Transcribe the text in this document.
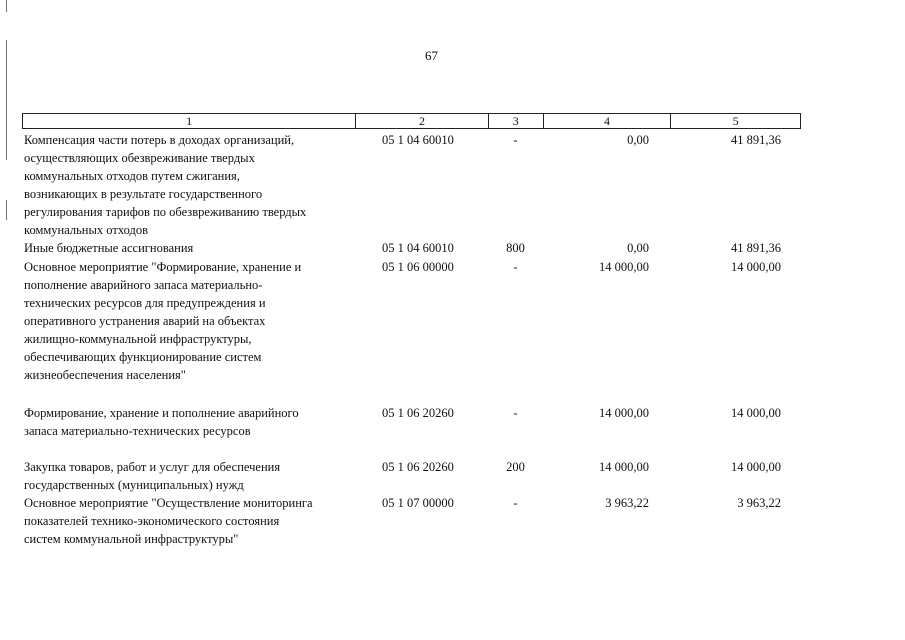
67
1	2	3	4	5
Компенсация части потерь в доходах организаций,
осуществляющих обезвреживание твердых
коммунальных отходов путем сжигания,
возникающих в результате государственного
регулирования тарифов по обезвреживанию твердых
коммунальных отходов
05 1 04 60010	-	0,00	41 891,36
Иные бюджетные ассигнования	05 1 04 60010	800	0,00	41 891,36
Основное мероприятие "Формирование, хранение и
пополнение аварийного запаса материально-
технических ресурсов для предупреждения и
оперативного устранения аварий на объектах
жилищно-коммунальной инфраструктуры,
обеспечивающих функционирование систем
жизнеобеспечения населения"
05 1 06 00000	-	14 000,00	14 000,00
Формирование, хранение и пополнение аварийного
запаса материально-технических ресурсов
05 1 06 20260	-	14 000,00	14 000,00
Закупка товаров, работ и услуг для обеспечения
государственных (муниципальных) нужд
05 1 06 20260	200	14 000,00	14 000,00
Основное мероприятие "Осуществление мониторинга
показателей технико-экономического состояния
систем коммунальной инфраструктуры"
05 1 07 00000	-	3 963,22	3 963,22
